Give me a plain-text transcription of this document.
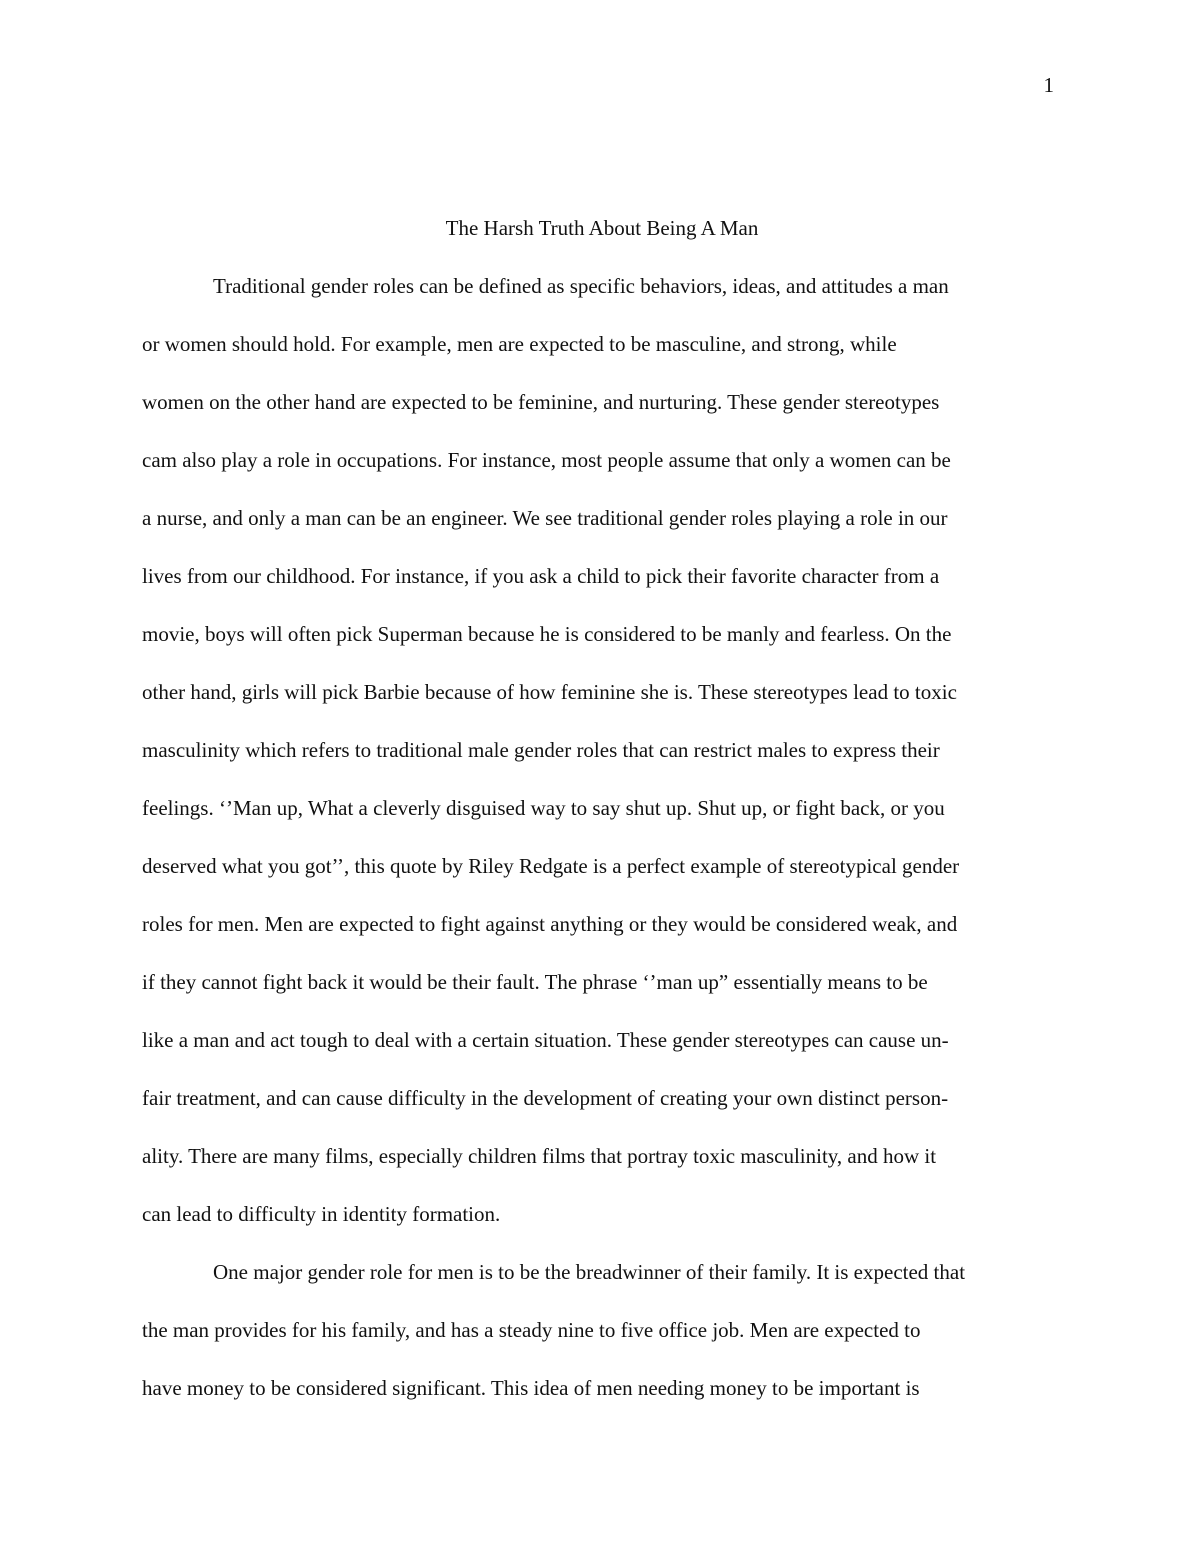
1
The Harsh Truth About Being A Man
Traditional gender roles can be defined as specific behaviors, ideas, and attitudes a man
or women should hold. For example, men are expected to be masculine, and strong, while
women on the other hand are expected to be feminine, and nurturing. These gender stereotypes
cam also play a role in occupations. For instance, most people assume that only a women can be
a nurse, and only a man can be an engineer. We see traditional gender roles playing a role in our
lives from our childhood. For instance, if you ask a child to pick their favorite character from a
movie, boys will often pick Superman because he is considered to be manly and fearless. On the
other hand, girls will pick Barbie because of how feminine she is. These stereotypes lead to toxic
masculinity which refers to traditional male gender roles that can restrict males to express their
feelings. ‘’Man up, What a cleverly disguised way to say shut up. Shut up, or fight back, or you
deserved what you got’’, this quote by Riley Redgate is a perfect example of stereotypical gender
roles for men. Men are expected to fight against anything or they would be considered weak, and
if they cannot fight back it would be their fault. The phrase ‘’man up” essentially means to be
like a man and act tough to deal with a certain situation. These gender stereotypes can cause un-
fair treatment, and can cause difficulty in the development of creating your own distinct person-
ality. There are many films, especially children films that portray toxic masculinity, and how it
can lead to difficulty in identity formation.
One major gender role for men is to be the breadwinner of their family. It is expected that
the man provides for his family, and has a steady nine to five office job. Men are expected to
have money to be considered significant. This idea of men needing money to be important is
